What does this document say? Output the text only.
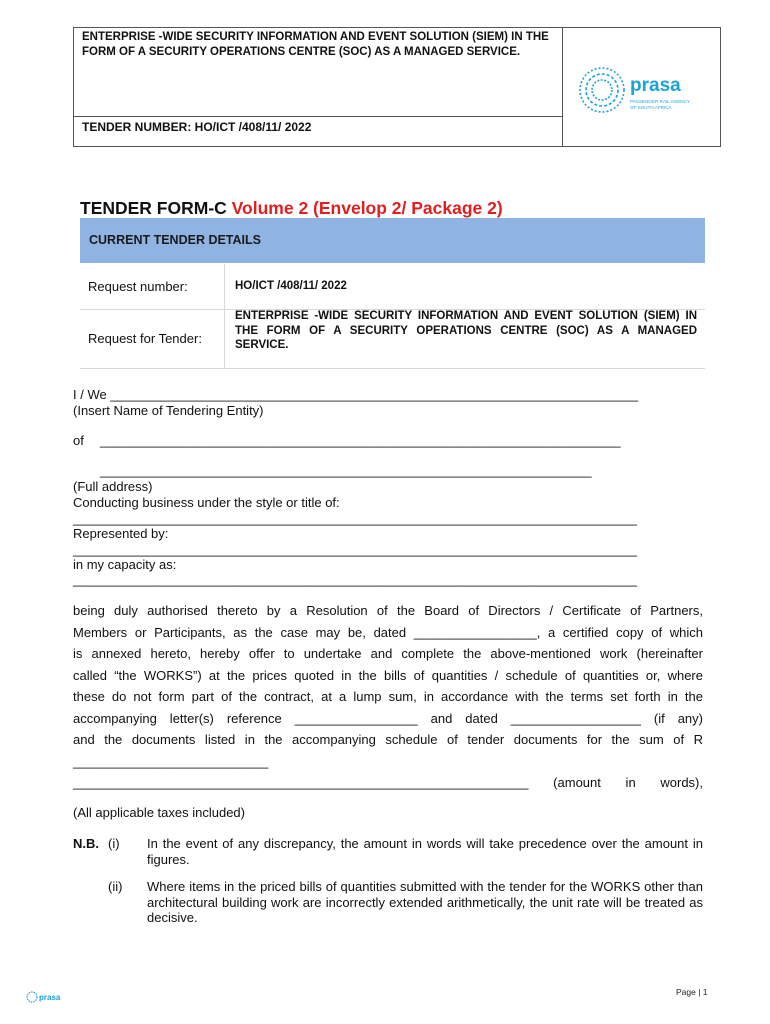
ENTERPRISE -WIDE SECURITY INFORMATION AND EVENT SOLUTION (SIEM) IN THE FORM OF A SECURITY OPERATIONS CENTRE (SOC) AS A MANAGED SERVICE.
TENDER NUMBER: HO/ICT /408/11/ 2022
prasa
PASSENGER RAIL AGENCY
OF SOUTH AFRICA
TENDER FORM-C Volume 2 (Envelop 2/ Package 2)
CURRENT TENDER DETAILS
Request number:	HO/ICT /408/11/ 2022
Request for Tender:
ENTERPRISE -WIDE SECURITY INFORMATION AND EVENT SOLUTION (SIEM) IN THE FORM OF A SECURITY OPERATIONS CENTRE (SOC) AS A MANAGED SERVICE.
I / We _________________________________________________________________________
(Insert Name of Tendering Entity)
of ________________________________________________________________________
____________________________________________________________________
(Full address)
Conducting business under the style or title of:
______________________________________________________________________________
Represented by:
______________________________________________________________________________
in my capacity as:
______________________________________________________________________________
being duly authorised thereto by a Resolution of the Board of Directors / Certificate of Partners,
Members or Participants, as the case may be, dated _________________, a certified copy of which
is annexed hereto, hereby offer to undertake and complete the above-mentioned work (hereinafter
called “the WORKS”) at the prices quoted in the bills of quantities / schedule of quantities or, where
these do not form part of the contract, at a lump sum, in accordance with the terms set forth in the
accompanying letter(s) reference _________________ and dated __________________ (if any)
and the documents listed in the accompanying schedule of tender documents for the sum of R
___________________________
_______________________________________________________________ (amount in words),
(All applicable taxes included)
N.B. (i) In the event of any discrepancy, the amount in words will take precedence over the amount in figures.
(ii) Where items in the priced bills of quantities submitted with the tender for the WORKS other than architectural building work are incorrectly extended arithmetically, the unit rate will be treated as decisive.
Page | 1
prasa
